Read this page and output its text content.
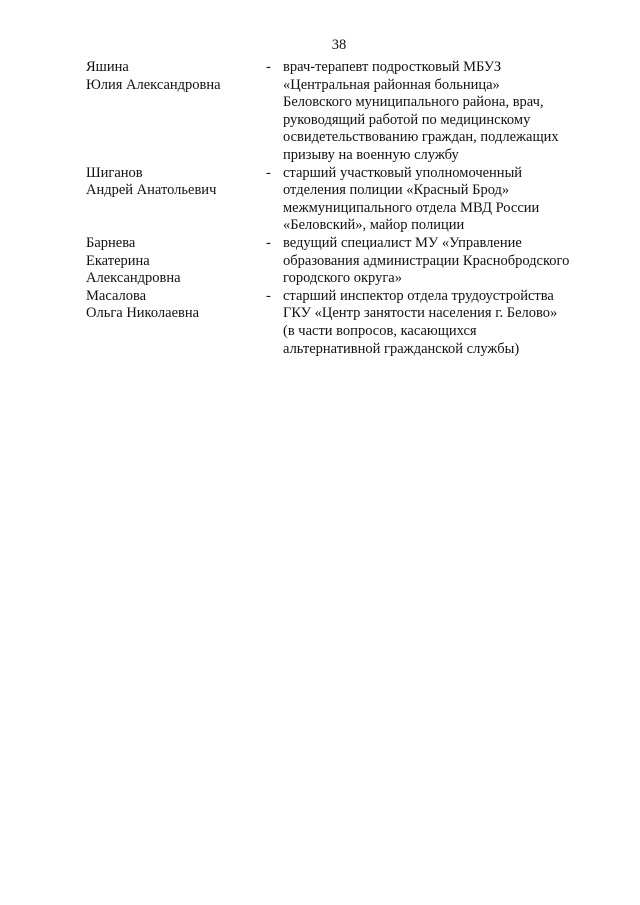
38
Яшина
Юлия Александровна
- врач-терапевт подростковый МБУЗ
«Центральная районная больница»
Беловского муниципального района, врач,
руководящий работой по медицинскому
освидетельствованию граждан, подлежащих
призыву на военную службу
Шиганов
Андрей Анатольевич
- старший участковый уполномоченный
отделения полиции «Красный Брод»
межмуниципального отдела МВД России
«Беловский», майор полиции
Барнева
Екатерина
Александровна
- ведущий специалист МУ «Управление
образования администрации Краснобродского
городского округа»
Масалова
Ольга Николаевна
- старший инспектор отдела трудоустройства
ГКУ «Центр занятости населения г. Белово»
(в части вопросов, касающихся
альтернативной гражданской службы)
